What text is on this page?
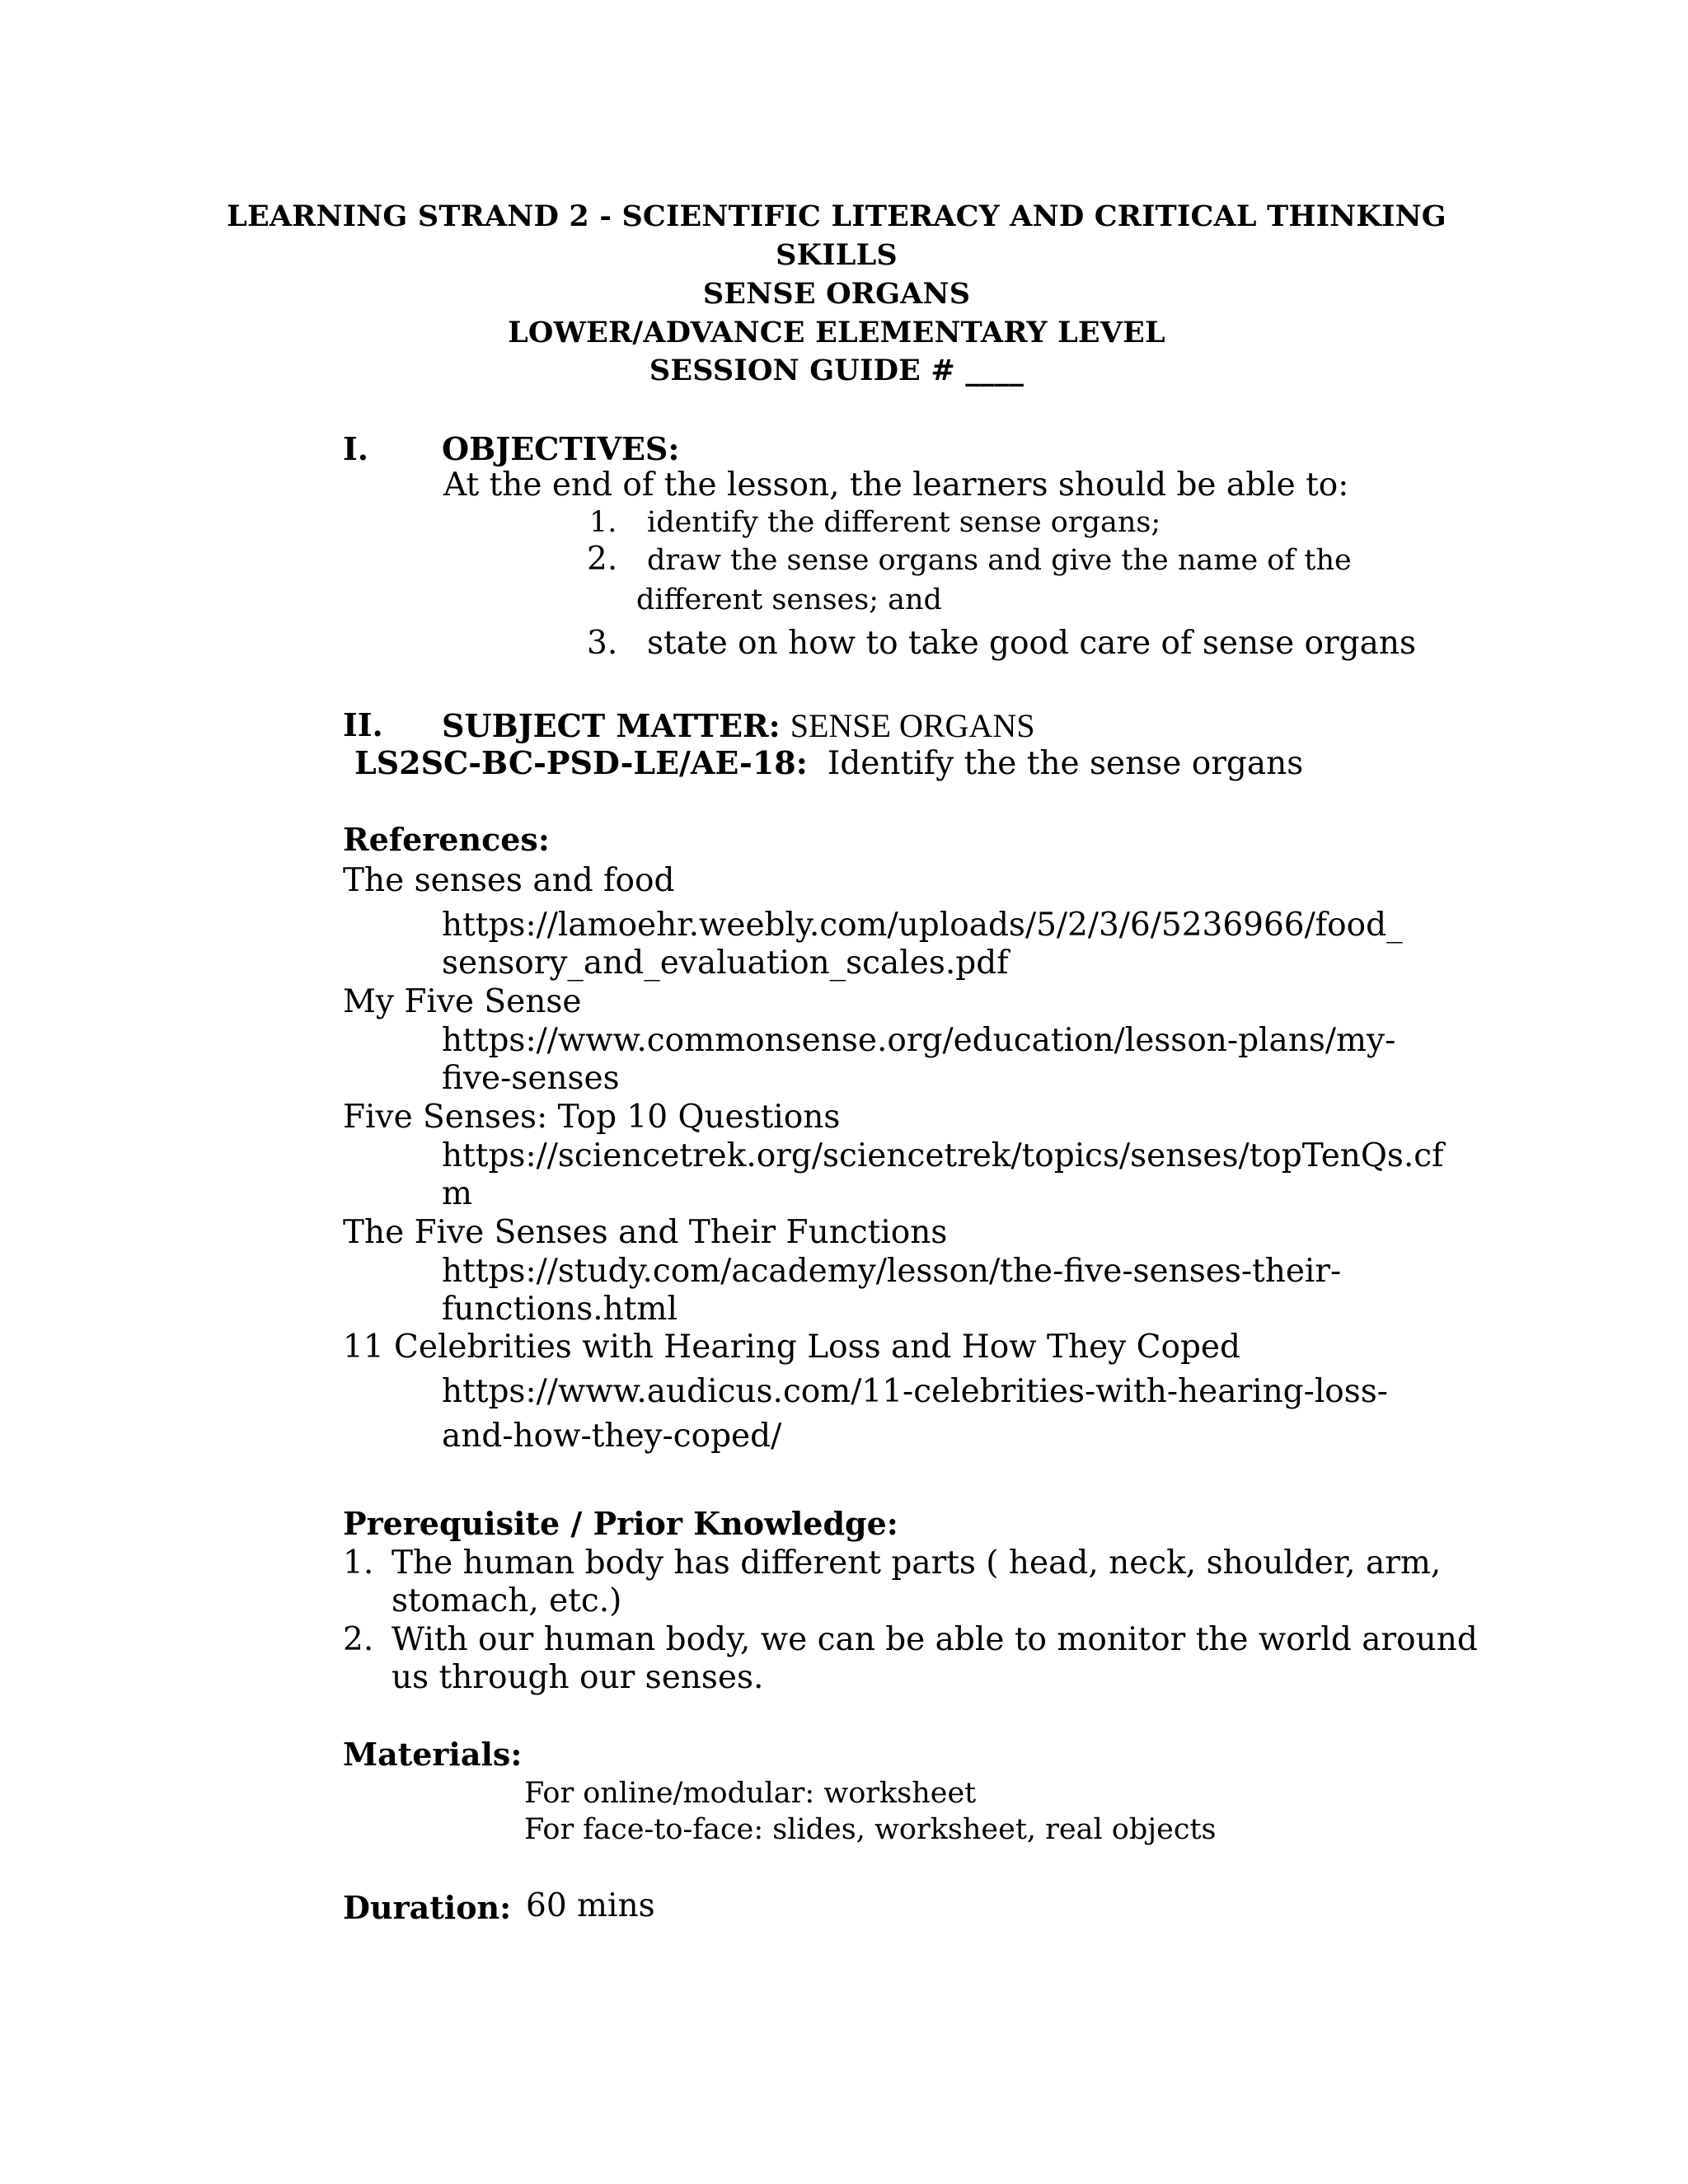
LEARNING STRAND 2 - SCIENTIFIC LITERACY AND CRITICAL THINKING
SKILLS
SENSE ORGANS
LOWER/ADVANCE ELEMENTARY LEVEL
SESSION GUIDE # ____
I. OBJECTIVES:
At the end of the lesson, the learners should be able to:
1. identify the different sense organs;
2. draw the sense organs and give the name of the
different senses; and
3. state on how to take good care of sense organs
II. SUBJECT MATTER: SENSE ORGANS
LS2SC-BC-PSD-LE/AE-18: Identify the the sense organs
References:
The senses and food
https://lamoehr.weebly.com/uploads/5/2/3/6/5236966/food_
sensory_and_evaluation_scales.pdf
My Five Sense
https://www.commonsense.org/education/lesson-plans/my-
five-senses
Five Senses: Top 10 Questions
https://sciencetrek.org/sciencetrek/topics/senses/topTenQs.cf
m
The Five Senses and Their Functions
https://study.com/academy/lesson/the-five-senses-their-
functions.html
11 Celebrities with Hearing Loss and How They Coped
https://www.audicus.com/11-celebrities-with-hearing-loss-
and-how-they-coped/
Prerequisite / Prior Knowledge:
1. The human body has different parts ( head, neck, shoulder, arm,
stomach, etc.)
2. With our human body, we can be able to monitor the world around
us through our senses.
Materials:
For online/modular: worksheet
For face-to-face: slides, worksheet, real objects
Duration: 60 mins
